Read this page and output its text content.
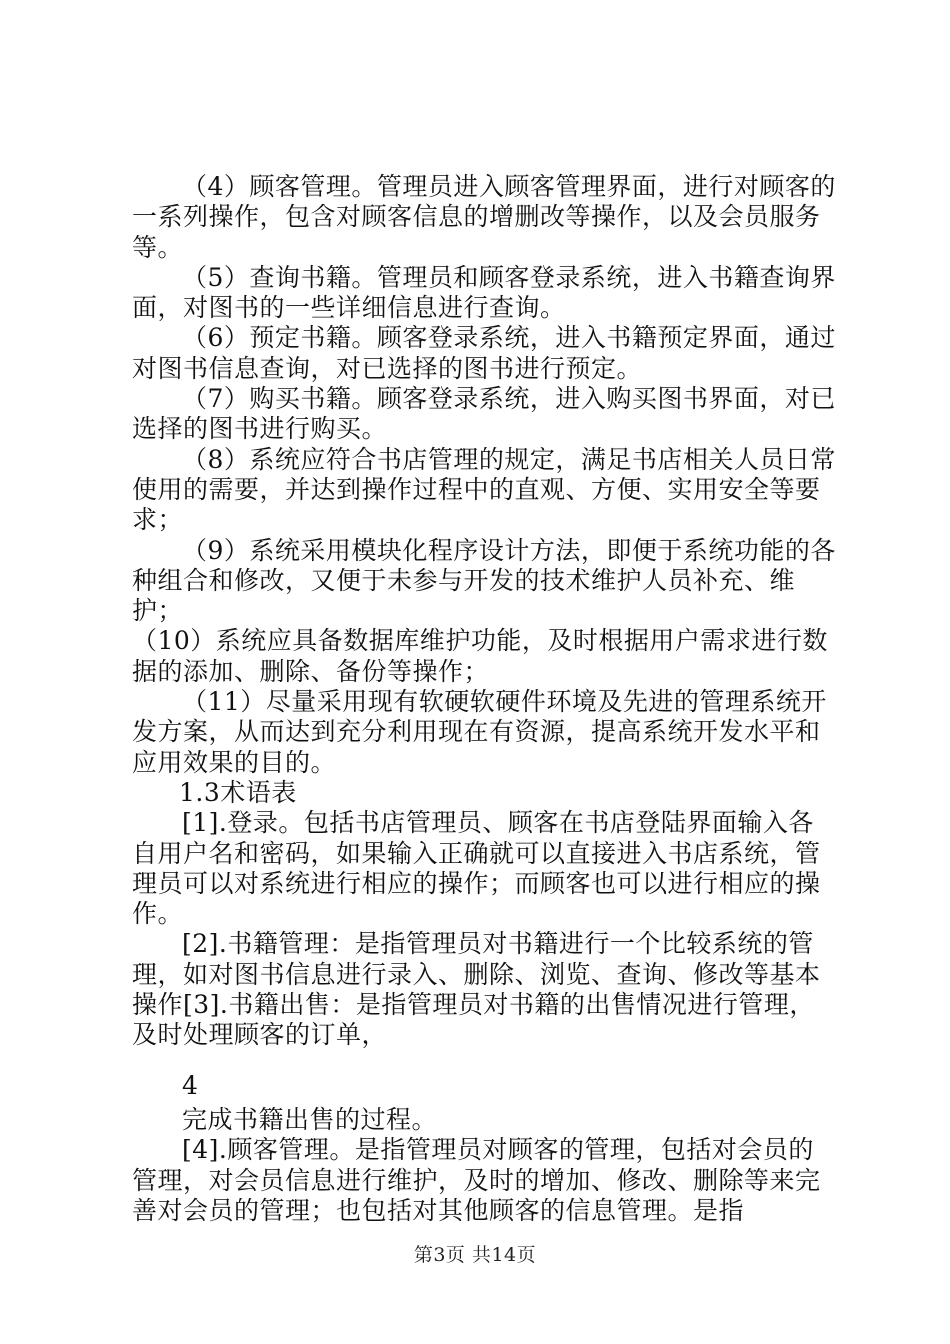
（4）顾客管理。管理员进入顾客管理界面，进行对顾客的一系列操作，包含对顾客信息的增删改等操作，以及会员服务等。

（5）查询书籍。管理员和顾客登录系统，进入书籍查询界面，对图书的一些详细信息进行查询。

（6）预定书籍。顾客登录系统，进入书籍预定界面，通过对图书信息查询，对已选择的图书进行预定。

（7）购买书籍。顾客登录系统，进入购买图书界面，对已选择的图书进行购买。

（8）系统应符合书店管理的规定，满足书店相关人员日常使用的需要，并达到操作过程中的直观、方便、实用安全等要求；

（9）系统采用模块化程序设计方法，即便于系统功能的各种组合和修改，又便于未参与开发的技术维护人员补充、维护；

（10）系统应具备数据库维护功能，及时根据用户需求进行数据的添加、删除、备份等操作；

（11）尽量采用现有软硬软硬件环境及先进的管理系统开发方案，从而达到充分利用现在有资源，提高系统开发水平和应用效果的目的。

1.3术语表

[1].登录。包括书店管理员、顾客在书店登陆界面输入各自用户名和密码，如果输入正确就可以直接进入书店系统，管理员可以对系统进行相应的操作；而顾客也可以进行相应的操作。

[2].书籍管理：是指管理员对书籍进行一个比较系统的管理，如对图书信息进行录入、删除、浏览、查询、修改等基本操作[3].书籍出售：是指管理员对书籍的出售情况进行管理，及时处理顾客的订单，

4

完成书籍出售的过程。

[4].顾客管理。是指管理员对顾客的管理，包括对会员的管理，对会员信息进行维护，及时的增加、修改、删除等来完善对会员的管理；也包括对其他顾客的信息管理。是指

第3页 共14页
